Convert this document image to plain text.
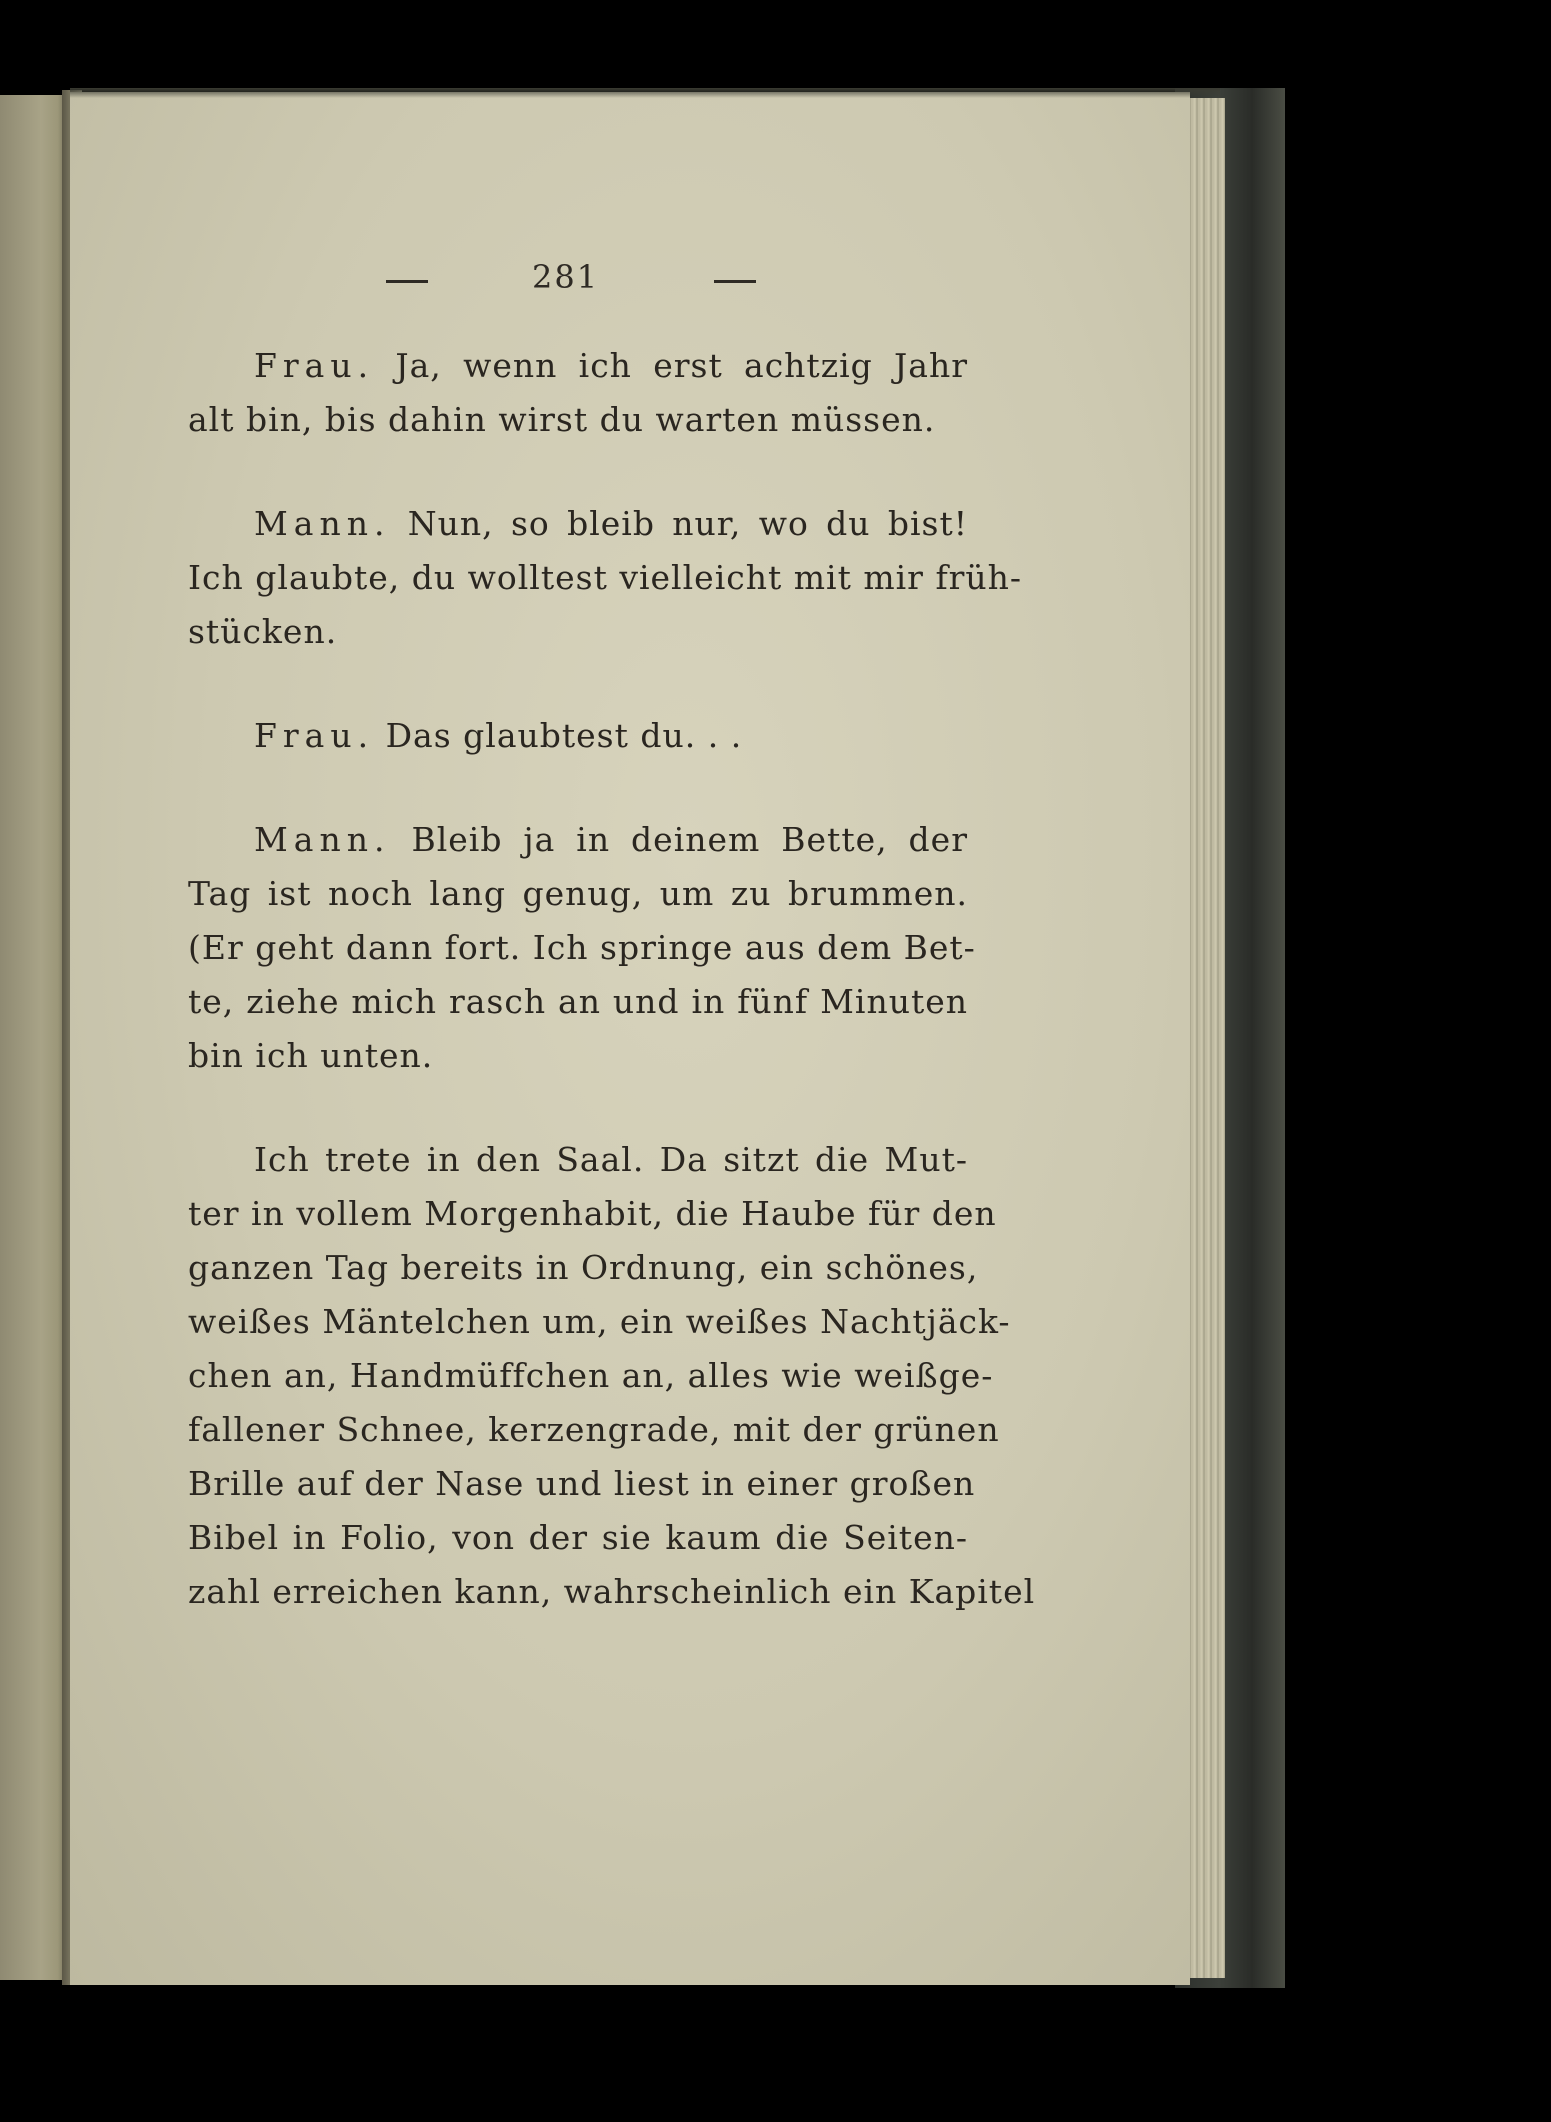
281
Frau. Ja, wenn ich erst achtzig Jahr
alt bin, bis dahin wirst du warten müssen.
Mann. Nun, so bleib nur, wo du bist!
Ich glaubte, du wolltest vielleicht mit mir früh-
stücken.
Frau. Das glaubtest du. . .
Mann. Bleib ja in deinem Bette, der
Tag ist noch lang genug, um zu brummen.
(Er geht dann fort. Ich springe aus dem Bet-
te, ziehe mich rasch an und in fünf Minuten
bin ich unten.
Ich trete in den Saal. Da sitzt die Mut-
ter in vollem Morgenhabit, die Haube für den
ganzen Tag bereits in Ordnung, ein schönes,
weißes Mäntelchen um, ein weißes Nachtjäck-
chen an, Handmüffchen an, alles wie weißge-
fallener Schnee, kerzengrade, mit der grünen
Brille auf der Nase und liest in einer großen
Bibel in Folio, von der sie kaum die Seiten-
zahl erreichen kann, wahrscheinlich ein Kapitel
